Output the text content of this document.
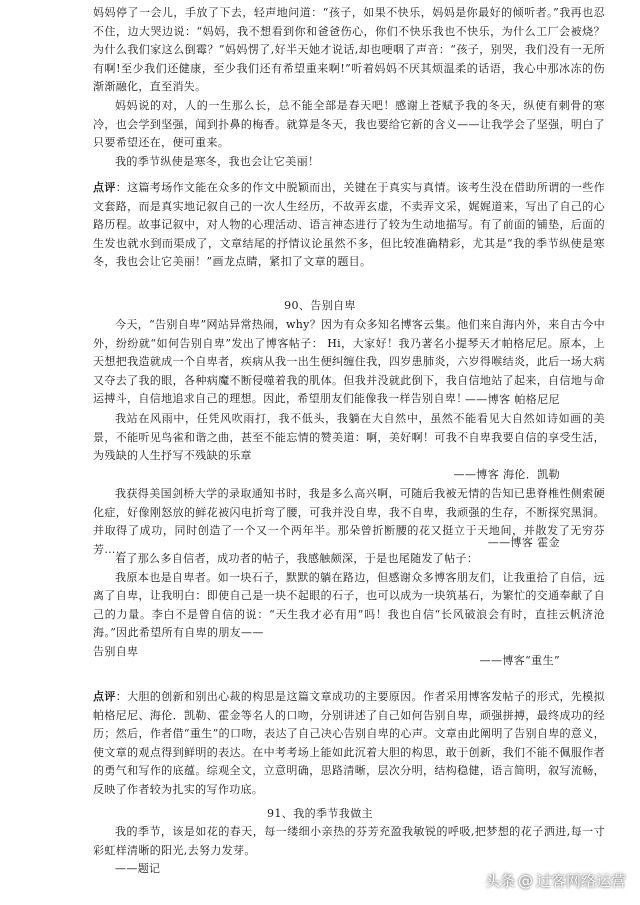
妈妈停了一会儿，手放了下去，轻声地问道：“孩子，如果不快乐，妈妈是你最好的倾听者。”我再也忍不住，边大哭边说：“妈妈，我不想看到你和爸爸伤心，你们不快乐我也不快乐，为什么工厂会被烧？为什么我们家这么倒霉？”妈妈愣了,好半天她才说话,却也哽咽了声音：“孩子，别哭，我们没有一无所有啊!至少我们还健康，至少我们还有希望重来啊!”听着妈妈不厌其烦温柔的话语，我心中那冰冻的伤渐渐融化，直至消失。

妈妈说的对，人的一生那么长，总不能全部是春天吧！感谢上苍赋予我的冬天，纵使有刺骨的寒冷，也会学到坚强，闻到扑鼻的梅香。就算是冬天，我也要给它新的含义——让我学会了坚强，明白了只要希望还在，便可重来。

我的季节纵使是寒冬，我也会让它美丽！

点评：这篇考场作文能在众多的作文中脱颖而出，关键在于真实与真情。该考生没在借助所谓的一些作文套路，而是真实地记叙自己的一次人生经历，不故弄玄虚，不卖弄文采，娓娓道来，写出了自己的心路历程。故事记叙中，对人物的心理活动、语言神态进行了较为生动地描写。有了前面的铺垫，后面的生发也就水到而渠成了，文章结尾的抒情议论虽然不多，但比较准确精彩，尤其是“我的季节纵使是寒冬，我也会让它美丽！”画龙点睛，紧扣了文章的题目。

90、告别自卑

今天，“告别自卑”网站异常热闹，why？因为有众多知名博客云集。他们来自海内外，来自古今中外，纷纷就“如何告别自卑”发出了博客帖子： Hi，大家好！我乃著名小提琴天才帕格尼尼。原本，上天想把我造就成一个自卑者，疾病从我一出生便纠缠住我，四岁患肺炎，六岁得喉结炎，此后一场大病又夺去了我的眼，各种病魔不断侵噬着我的肌体。但我并没就此倒下，我自信地站了起来，自信地与命运搏斗，自信地追求自己的理想。因此，希望朋友们能像我一样告别自卑！

——博客 帕格尼尼

我站在风雨中，任凭风吹雨打，我不低头，我躺在大自然中，虽然不能看见大自然如诗如画的美景，不能听见鸟雀和谐之曲，甚至不能忘情的赞美道：啊，美好啊！可我不自卑我要自信的享受生活，为残缺的人生抒写不残缺的乐章

——博客 海伦．凯勒

我获得美国剑桥大学的录取通知书时，我是多么高兴啊，可随后我被无情的告知已患脊椎性侧索硬化症，好像刚怒放的鲜花被闪电折弯了腰，可我并没自卑，我不自卑，我顽强的生存，不断探究黑洞。并取得了成功，同时创造了一个又一个两年半。那朵曾折断腰的花又挺立于天地间，并散发了无穷芬芳……

——博客 霍金

看了那么多自信者，成功者的帖子，我感触颇深，于是也尾随发了帖子：

我原本也是自卑者。如一块石子，默默的躺在路边，但感谢众多博客朋友们，让我重拾了自信，远离了自卑，让我明白：即使自己是一块不起眼的石子，也可以成为一块筑基石，为繁忙的交通奉献了自己的力量。李白不是曾自信的说：“天生我才必有用”吗！我也自信“长风破浪会有时，直挂云帆济沧海。”因此希望所有自卑的朋友——

告别自卑

——博客“重生”

点评：大胆的创新和别出心裁的构思是这篇文章成功的主要原因。作者采用博客发帖子的形式，先模拟帕格尼尼、海伦．凯勒、霍金等名人的口吻，分别讲述了自己如何告别自卑，顽强拼搏，最终成功的经历；然后，作者借“重生”的口吻，表达了自己决心告别自卑的心声。文章由此阐明了告别自卑的意义，使文章的观点得到鲜明的表达。在中考考场上能如此沉着大胆的构思，敢于创新，我们不能不佩服作者的勇气和写作的底蕴。综观全文，立意明确，思路清晰，层次分明，结构稳健，语言简明，叙写流畅，反映了作者较为扎实的写作功底。

91、我的季节我做主

我的季节，该是如花的春天，每一缕细小亲热的芬芳充盈我敏锐的呼吸,把梦想的花子洒进,每一寸彩虹样清晰的阳光,去努力发芽。

——题记

头条 @ 过客网络运营
